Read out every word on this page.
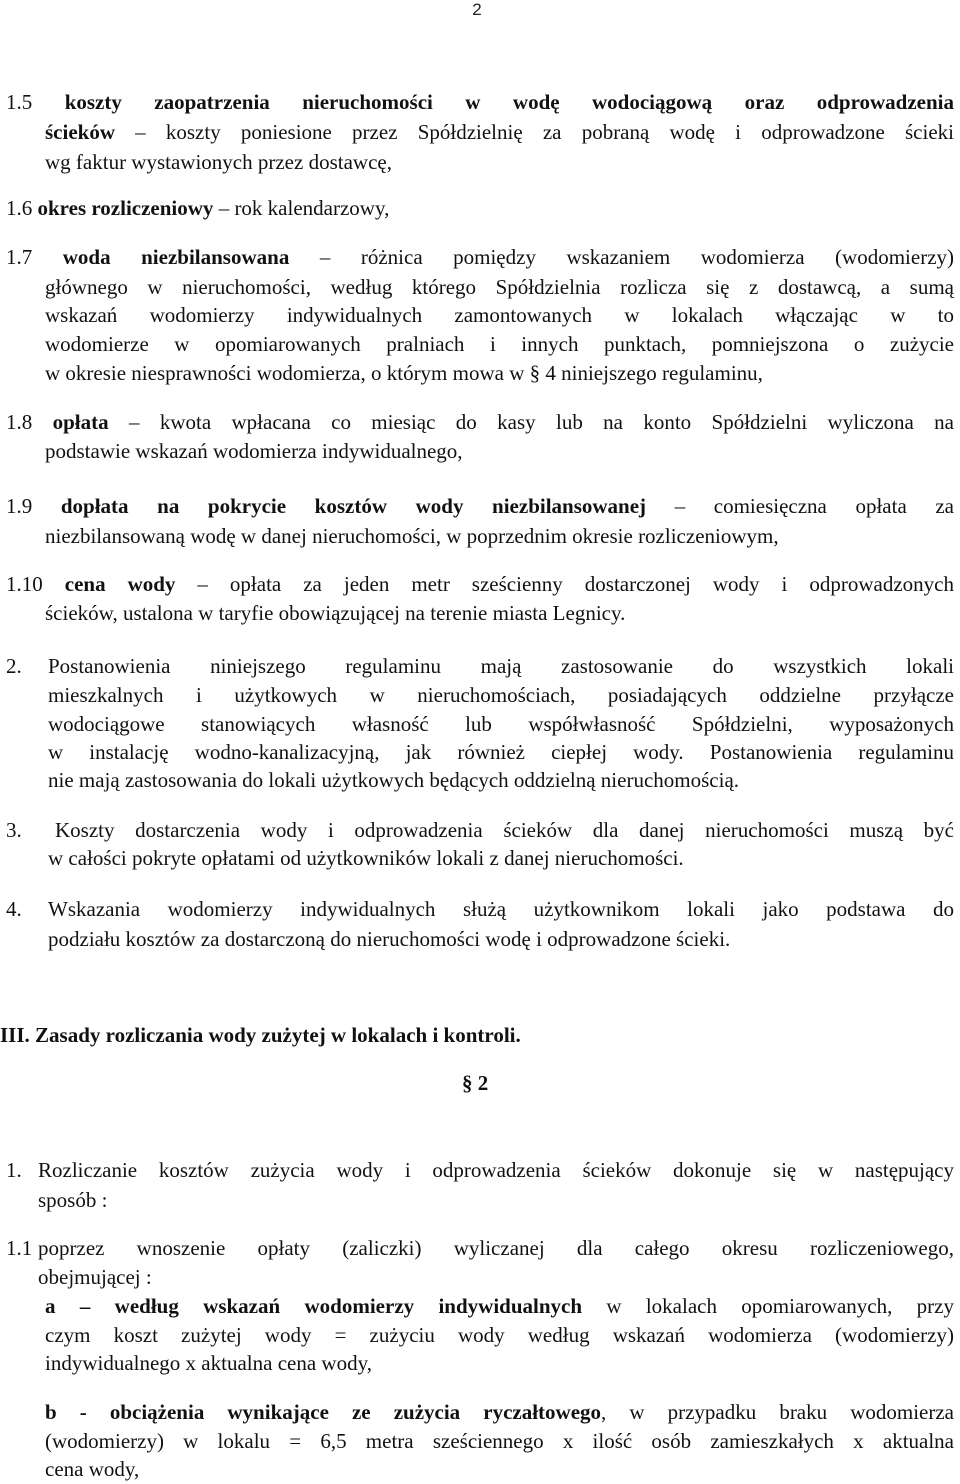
2
1.5 koszty zaopatrzenia nieruchomości w wodę wodociągową oraz odprowadzenia
ścieków – koszty poniesione przez Spółdzielnię za pobraną wodę i odprowadzone ścieki
wg faktur wystawionych przez dostawcę,
1.6 okres rozliczeniowy – rok kalendarzowy,
1.7 woda niezbilansowana – różnica pomiędzy wskazaniem wodomierza (wodomierzy)
głównego w nieruchomości, według którego Spółdzielnia rozlicza się z dostawcą, a sumą
wskazań wodomierzy indywidualnych zamontowanych w lokalach włączając w to
wodomierze w opomiarowanych pralniach i innych punktach, pomniejszona o zużycie
w okresie niesprawności wodomierza, o którym mowa w § 4 niniejszego regulaminu,
1.8 opłata – kwota wpłacana co miesiąc do kasy lub na konto Spółdzielni wyliczona na
podstawie wskazań wodomierza indywidualnego,
1.9 dopłata na pokrycie kosztów wody niezbilansowanej – comiesięczna opłata za
niezbilansowaną wodę w danej nieruchomości, w poprzednim okresie rozliczeniowym,
1.10 cena wody – opłata za jeden metr sześcienny dostarczonej wody i odprowadzonych
ścieków, ustalona w taryfie obowiązującej na terenie miasta Legnicy.
2.	Postanowienia niniejszego regulaminu mają zastosowanie do wszystkich lokali
mieszkalnych i użytkowych w nieruchomościach, posiadających oddzielne przyłącze
wodociągowe stanowiących własność lub współwłasność Spółdzielni, wyposażonych
w instalację wodno-kanalizacyjną, jak również ciepłej wody. Postanowienia regulaminu
nie mają zastosowania do lokali użytkowych będących oddzielną nieruchomością.
3.	Koszty dostarczenia wody i odprowadzenia ścieków dla danej nieruchomości muszą być
w całości pokryte opłatami od użytkowników lokali z danej nieruchomości.
4.	Wskazania wodomierzy indywidualnych służą użytkownikom lokali jako podstawa do
podziału kosztów za dostarczoną do nieruchomości wodę i odprowadzone ścieki.
III. Zasady rozliczania wody zużytej w lokalach i kontroli.
§ 2
1. Rozliczanie kosztów zużycia wody i odprowadzenia ścieków dokonuje się w następujący
sposób :
1.1 poprzez wnoszenie opłaty (zaliczki) wyliczanej dla całego okresu rozliczeniowego,
obejmującej :
a – według wskazań wodomierzy indywidualnych w lokalach opomiarowanych, przy
czym koszt zużytej wody = zużyciu wody według wskazań wodomierza (wodomierzy)
indywidualnego x aktualna cena wody,
b - obciążenia wynikające ze zużycia ryczałtowego, w przypadku braku wodomierza
(wodomierzy) w lokalu = 6,5 metra sześciennego x ilość osób zamieszkałych x aktualna
cena wody,
